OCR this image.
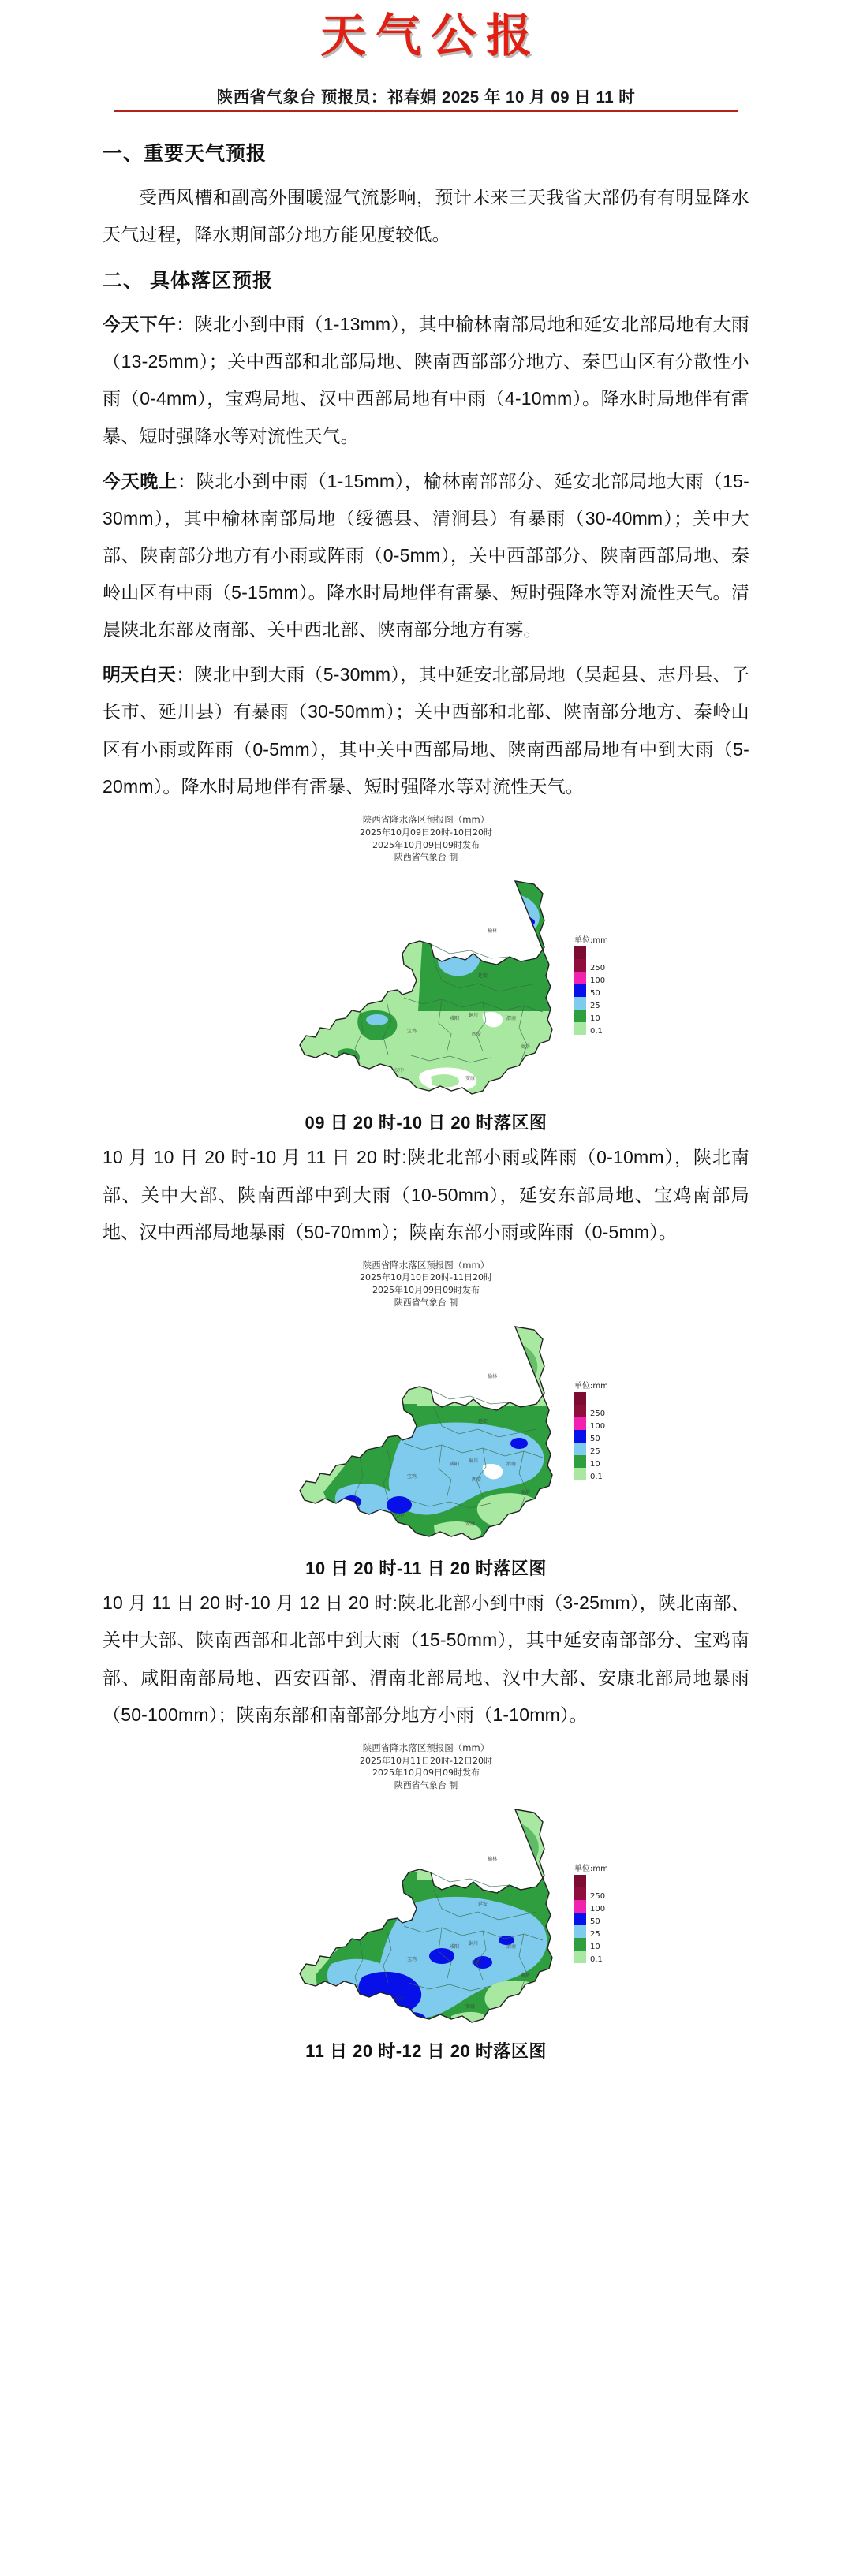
天气公报
陕西省气象台 预报员：祁春娟 2025 年 10 月 09 日 11 时
一、重要天气预报

受西风槽和副高外围暖湿气流影响，预计未来三天我省大部仍有有明显降水天气过程，降水期间部分地方能见度较低。

二、 具体落区预报

今天下午：陕北小到中雨（1-13mm），其中榆林南部局地和延安北部局地有大雨（13-25mm）；关中西部和北部局地、陕南西部部分地方、秦巴山区有分散性小雨（0-4mm），宝鸡局地、汉中西部局地有中雨（4-10mm）。降水时局地伴有雷暴、短时强降水等对流性天气。

今天晚上：陕北小到中雨（1-15mm），榆林南部部分、延安北部局地大雨（15-30mm），其中榆林南部局地（绥德县、清涧县）有暴雨（30-40mm）；关中大部、陕南部分地方有小雨或阵雨（0-5mm），关中西部部分、陕南西部局地、秦岭山区有中雨（5-15mm）。降水时局地伴有雷暴、短时强降水等对流性天气。清晨陕北东部及南部、关中西北部、陕南部分地方有雾。

明天白天：陕北中到大雨（5-30mm），其中延安北部局地（吴起县、志丹县、子长市、延川县）有暴雨（30-50mm）；关中西部和北部、陕南部分地方、秦岭山区有小雨或阵雨（0-5mm），其中关中西部局地、陕南西部局地有中到大雨（5-20mm）。降水时局地伴有雷暴、短时强降水等对流性天气。

陕西省降水落区预报图（mm）
2025年10月09日20时-10日20时
2025年10月09日09时发布
陕西省气象台 制
榆林
延安
铜川
渭南
咸阳
宝鸡
西安
商洛
汉中
安康
单位:mm
250
100
50
25
10
0.1
09 日 20 时-10 日 20 时落区图

10 月 10 日 20 时-10 月 11 日 20 时:陕北北部小雨或阵雨（0-10mm），陕北南部、关中大部、陕南西部中到大雨（10-50mm），延安东部局地、宝鸡南部局地、汉中西部局地暴雨（50-70mm）；陕南东部小雨或阵雨（0-5mm）。

陕西省降水落区预报图（mm）
2025年10月10日20时-11日20时
2025年10月09日09时发布
陕西省气象台 制
榆林
延安
铜川
渭南
咸阳
宝鸡
西安
商洛
汉中
安康
单位:mm
250
100
50
25
10
0.1
10 日 20 时-11 日 20 时落区图

10 月 11 日 20 时-10 月 12 日 20 时:陕北北部小到中雨（3-25mm），陕北南部、关中大部、陕南西部和北部中到大雨（15-50mm），其中延安南部部分、宝鸡南部、咸阳南部局地、西安西部、渭南北部局地、汉中大部、安康北部局地暴雨（50-100mm）；陕南东部和南部部分地方小雨（1-10mm）。

陕西省降水落区预报图（mm）
2025年10月11日20时-12日20时
2025年10月09日09时发布
陕西省气象台 制
榆林
延安
铜川
渭南
咸阳
宝鸡
西安
商洛
汉中
安康
单位:mm
250
100
50
25
10
0.1
11 日 20 时-12 日 20 时落区图
